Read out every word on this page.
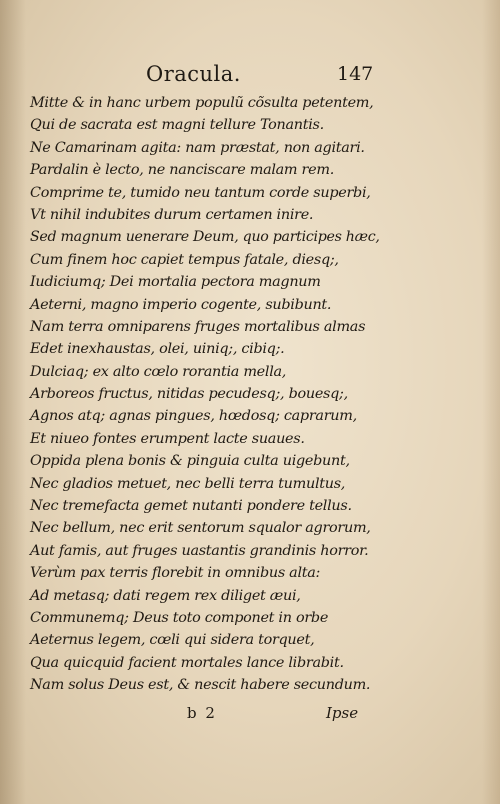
Oracula.	147
Mitte & in hanc urbem populũ cõsulta petentem,
Qui de sacrata est magni tellure Tonantis.
Ne Camarinam agita: nam præstat, non agitari.
Pardalin è lecto, ne nanciscare malam rem.
Comprime te, tumido neu tantum corde superbi,
Vt nihil indubites durum certamen inire.
Sed magnum uenerare Deum, quo participes hæc,
Cum finem hoc capiet tempus fatale, diesq;,
Iudiciumq; Dei mortalia pectora magnum
Aeterni, magno imperio cogente, subibunt.
Nam terra omniparens fruges mortalibus almas
Edet inexhaustas, olei, uiniq;, cibiq;.
Dulciaq; ex alto cœlo rorantia mella,
Arboreos fructus, nitidas pecudesq;, bouesq;,
Agnos atq; agnas pingues, hœdosq; caprarum,
Et niueo fontes erumpent lacte suaues.
Oppida plena bonis & pinguia culta uigebunt,
Nec gladios metuet, nec belli terra tumultus,
Nec tremefacta gemet nutanti pondere tellus.
Nec bellum, nec erit sentorum squalor agrorum,
Aut famis, aut fruges uastantis grandinis horror.
Verùm pax terris florebit in omnibus alta:
Ad metasq; dati regem rex diliget æui,
Communemq; Deus toto componet in orbe
Aeternus legem, cœli qui sidera torquet,
Qua quicquid facient mortales lance librabit.
Nam solus Deus est, & nescit habere secundum.
b 2	Ipse
